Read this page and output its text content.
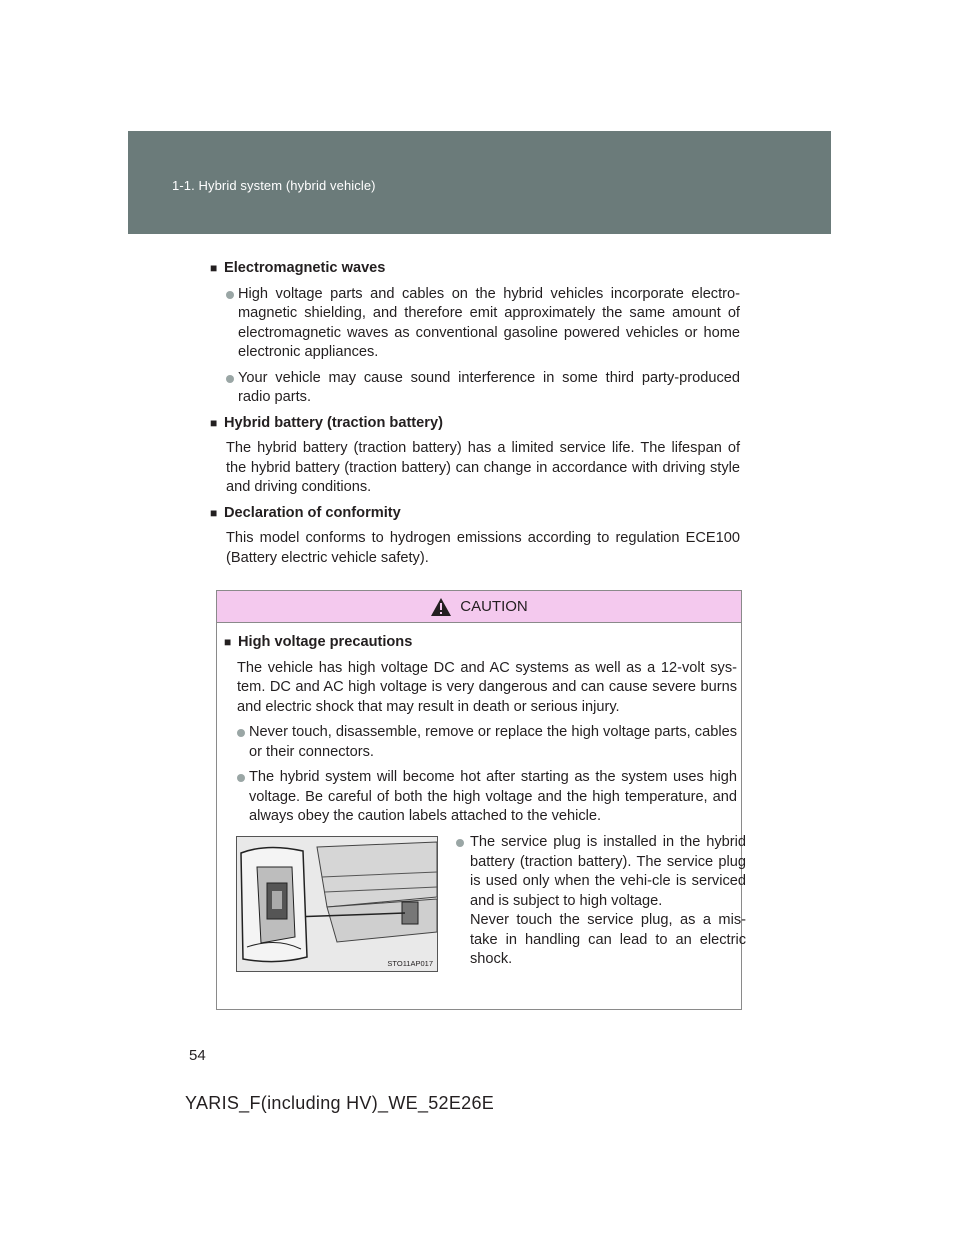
1-1. Hybrid system (hybrid vehicle)
■ Electromagnetic waves
High voltage parts and cables on the hybrid vehicles incorporate electro-magnetic shielding, and therefore emit approximately the same amount of electromagnetic waves as conventional gasoline powered vehicles or home electronic appliances.
Your vehicle may cause sound interference in some third party-produced radio parts.
■ Hybrid battery (traction battery)
The hybrid battery (traction battery) has a limited service life. The lifespan of the hybrid battery (traction battery) can change in accordance with driving style and driving conditions.
■ Declaration of conformity
This model conforms to hydrogen emissions according to regulation ECE100 (Battery electric vehicle safety).
CAUTION
■ High voltage precautions
The vehicle has high voltage DC and AC systems as well as a 12-volt sys-tem. DC and AC high voltage is very dangerous and can cause severe burns and electric shock that may result in death or serious injury.
Never touch, disassemble, remove or replace the high voltage parts, cables or their connectors.
The hybrid system will become hot after starting as the system uses high voltage. Be careful of both the high voltage and the high temperature, and always obey the caution labels attached to the vehicle.
STO11AP017
The service plug is installed in the hybrid battery (traction battery). The service plug is used only when the vehi-cle is serviced and is subject to high voltage.
Never touch the service plug, as a mis-take in handling can lead to an electric shock.
54
YARIS_F(including HV)_WE_52E26E
